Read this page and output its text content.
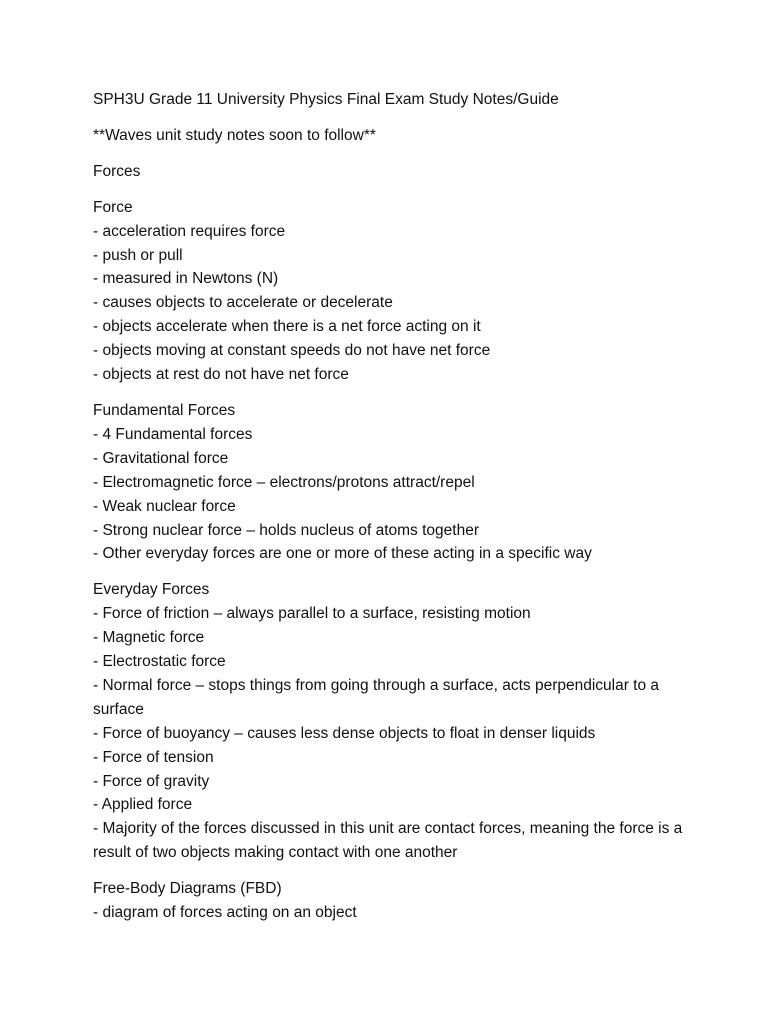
SPH3U Grade 11 University Physics Final Exam Study Notes/Guide

**Waves unit study notes soon to follow**

Forces

Force
- acceleration requires force
- push or pull
- measured in Newtons (N)
- causes objects to accelerate or decelerate
- objects accelerate when there is a net force acting on it
- objects moving at constant speeds do not have net force
- objects at rest do not have net force
Fundamental Forces
- 4 Fundamental forces
- Gravitational force
- Electromagnetic force – electrons/protons attract/repel
- Weak nuclear force
- Strong nuclear force – holds nucleus of atoms together
- Other everyday forces are one or more of these acting in a specific way
Everyday Forces
- Force of friction – always parallel to a surface, resisting motion
- Magnetic force
- Electrostatic force
- Normal force – stops things from going through a surface, acts perpendicular to a surface
- Force of buoyancy – causes less dense objects to float in denser liquids
- Force of tension
- Force of gravity
- Applied force
- Majority of the forces discussed in this unit are contact forces, meaning the force is a result of two objects making contact with one another
Free-Body Diagrams (FBD)
- diagram of forces acting on an object
